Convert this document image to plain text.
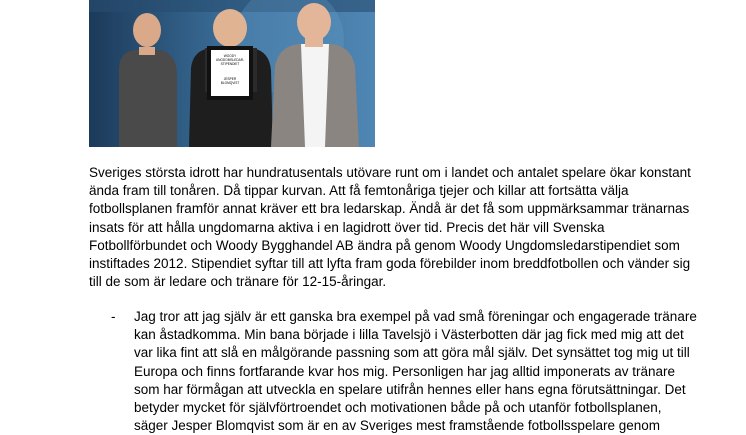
WOODY
UNGDOMSLEDAR-
STIPENDIET
JESPER
BLOMQVIST
Sveriges största idrott har hundratusentals utövare runt om i landet och antalet spelare ökar konstant
ända fram till tonåren. Då tippar kurvan. Att få femtonåriga tjejer och killar att fortsätta välja
fotbollsplanen framför annat kräver ett bra ledarskap. Ändå är det få som uppmärksammar tränarnas
insats för att hålla ungdomarna aktiva i en lagidrott över tid. Precis det här vill Svenska
Fotbollförbundet och Woody Bygghandel AB ändra på genom Woody Ungdomsledarstipendiet som
instiftades 2012. Stipendiet syftar till att lyfta fram goda förebilder inom breddfotbollen och vänder sig
till de som är ledare och tränare för 12-15-åringar.
- Jag tror att jag själv är ett ganska bra exempel på vad små föreningar och engagerade tränare
kan åstadkomma. Min bana började i lilla Tavelsjö i Västerbotten där jag fick med mig att det
var lika fint att slå en målgörande passning som att göra mål själv. Det synsättet tog mig ut till
Europa och finns fortfarande kvar hos mig. Personligen har jag alltid imponerats av tränare
som har förmågan att utveckla en spelare utifrån hennes eller hans egna förutsättningar. Det
betyder mycket för självförtroendet och motivationen både på och utanför fotbollsplanen,
säger Jesper Blomqvist som är en av Sveriges mest framstående fotbollsspelare genom
